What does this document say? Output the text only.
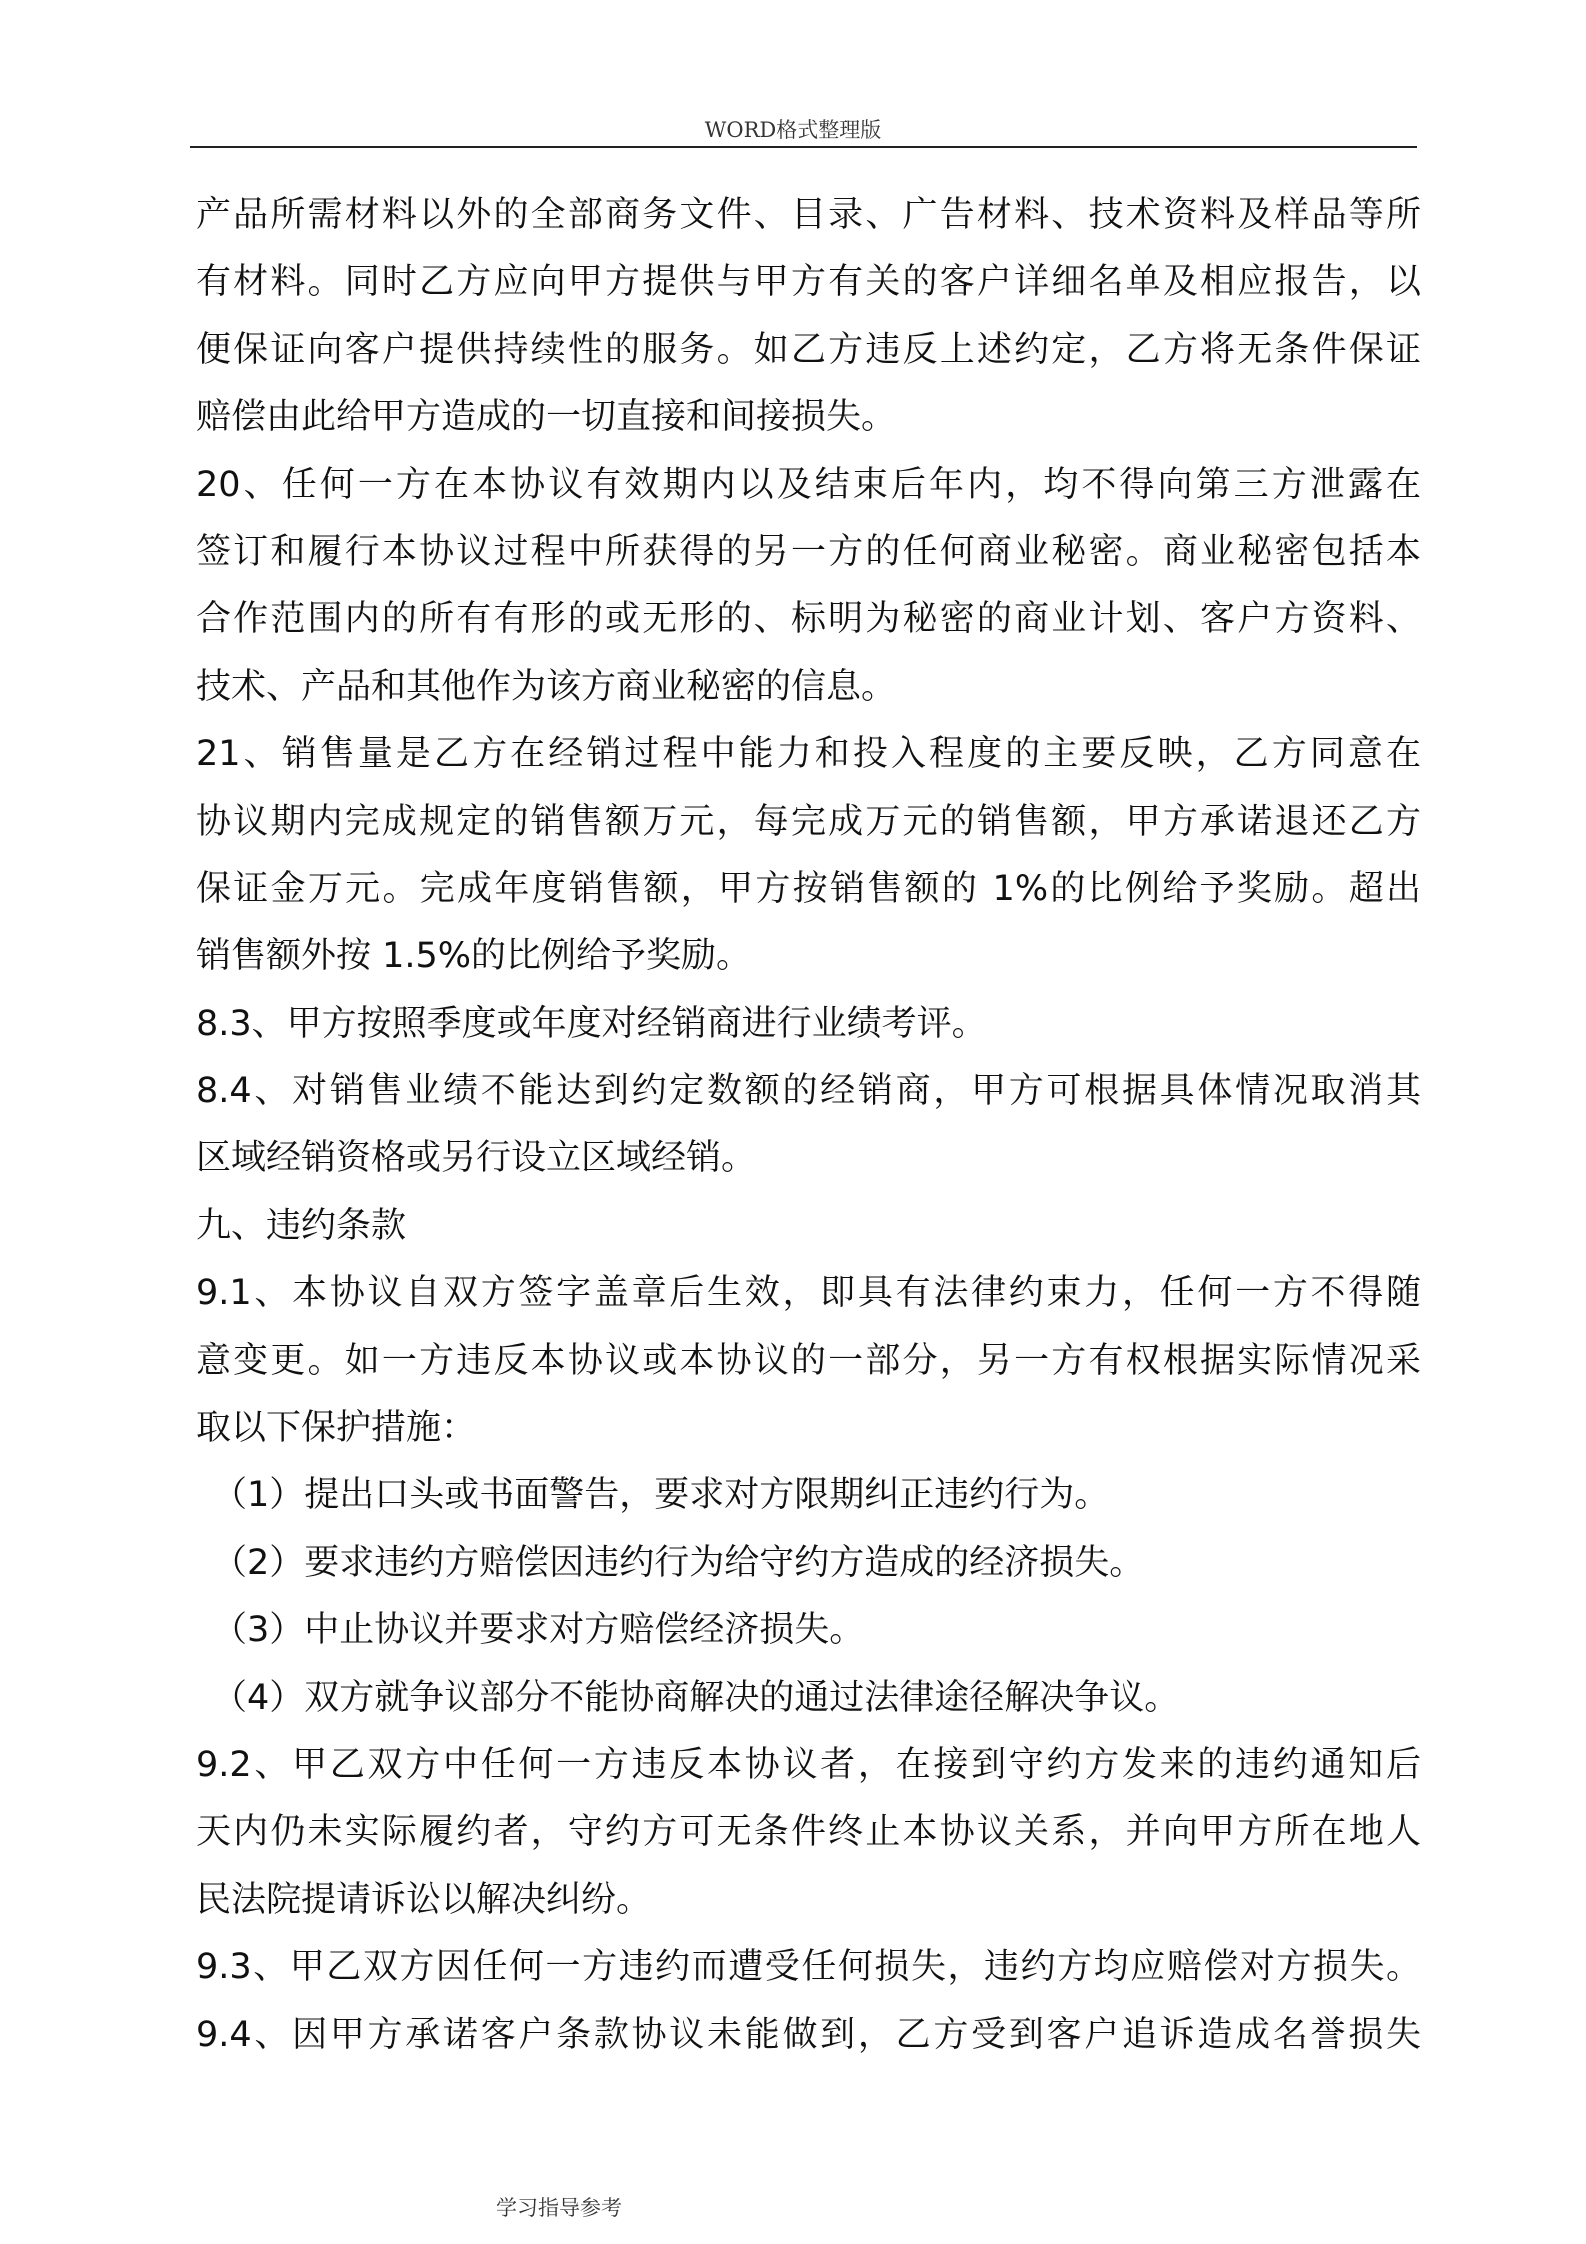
WORD格式整理版
产品所需材料以外的全部商务文件、目录、广告材料、技术资料及样品等所
有材料。同时乙方应向甲方提供与甲方有关的客户详细名单及相应报告，以
便保证向客户提供持续性的服务。如乙方违反上述约定，乙方将无条件保证
赔偿由此给甲方造成的一切直接和间接损失。
20、任何一方在本协议有效期内以及结束后年内，均不得向第三方泄露在
签订和履行本协议过程中所获得的另一方的任何商业秘密。商业秘密包括本
合作范围内的所有有形的或无形的、标明为秘密的商业计划、客户方资料、
技术、产品和其他作为该方商业秘密的信息。
21、销售量是乙方在经销过程中能力和投入程度的主要反映，乙方同意在
协议期内完成规定的销售额万元，每完成万元的销售额，甲方承诺退还乙方
保证金万元。完成年度销售额，甲方按销售额的 1%的比例给予奖励。超出
销售额外按 1.5%的比例给予奖励。
8.3、甲方按照季度或年度对经销商进行业绩考评。
8.4、对销售业绩不能达到约定数额的经销商，甲方可根据具体情况取消其
区域经销资格或另行设立区域经销。
九、违约条款
9.1、本协议自双方签字盖章后生效，即具有法律约束力，任何一方不得随
意变更。如一方违反本协议或本协议的一部分，另一方有权根据实际情况采
取以下保护措施：
（1）提出口头或书面警告，要求对方限期纠正违约行为。
（2）要求违约方赔偿因违约行为给守约方造成的经济损失。
（3）中止协议并要求对方赔偿经济损失。
（4）双方就争议部分不能协商解决的通过法律途径解决争议。
9.2、甲乙双方中任何一方违反本协议者，在接到守约方发来的违约通知后
天内仍未实际履约者，守约方可无条件终止本协议关系，并向甲方所在地人
民法院提请诉讼以解决纠纷。
9.3、甲乙双方因任何一方违约而遭受任何损失，违约方均应赔偿对方损失。
9.4、因甲方承诺客户条款协议未能做到，乙方受到客户追诉造成名誉损失
学习指导参考
